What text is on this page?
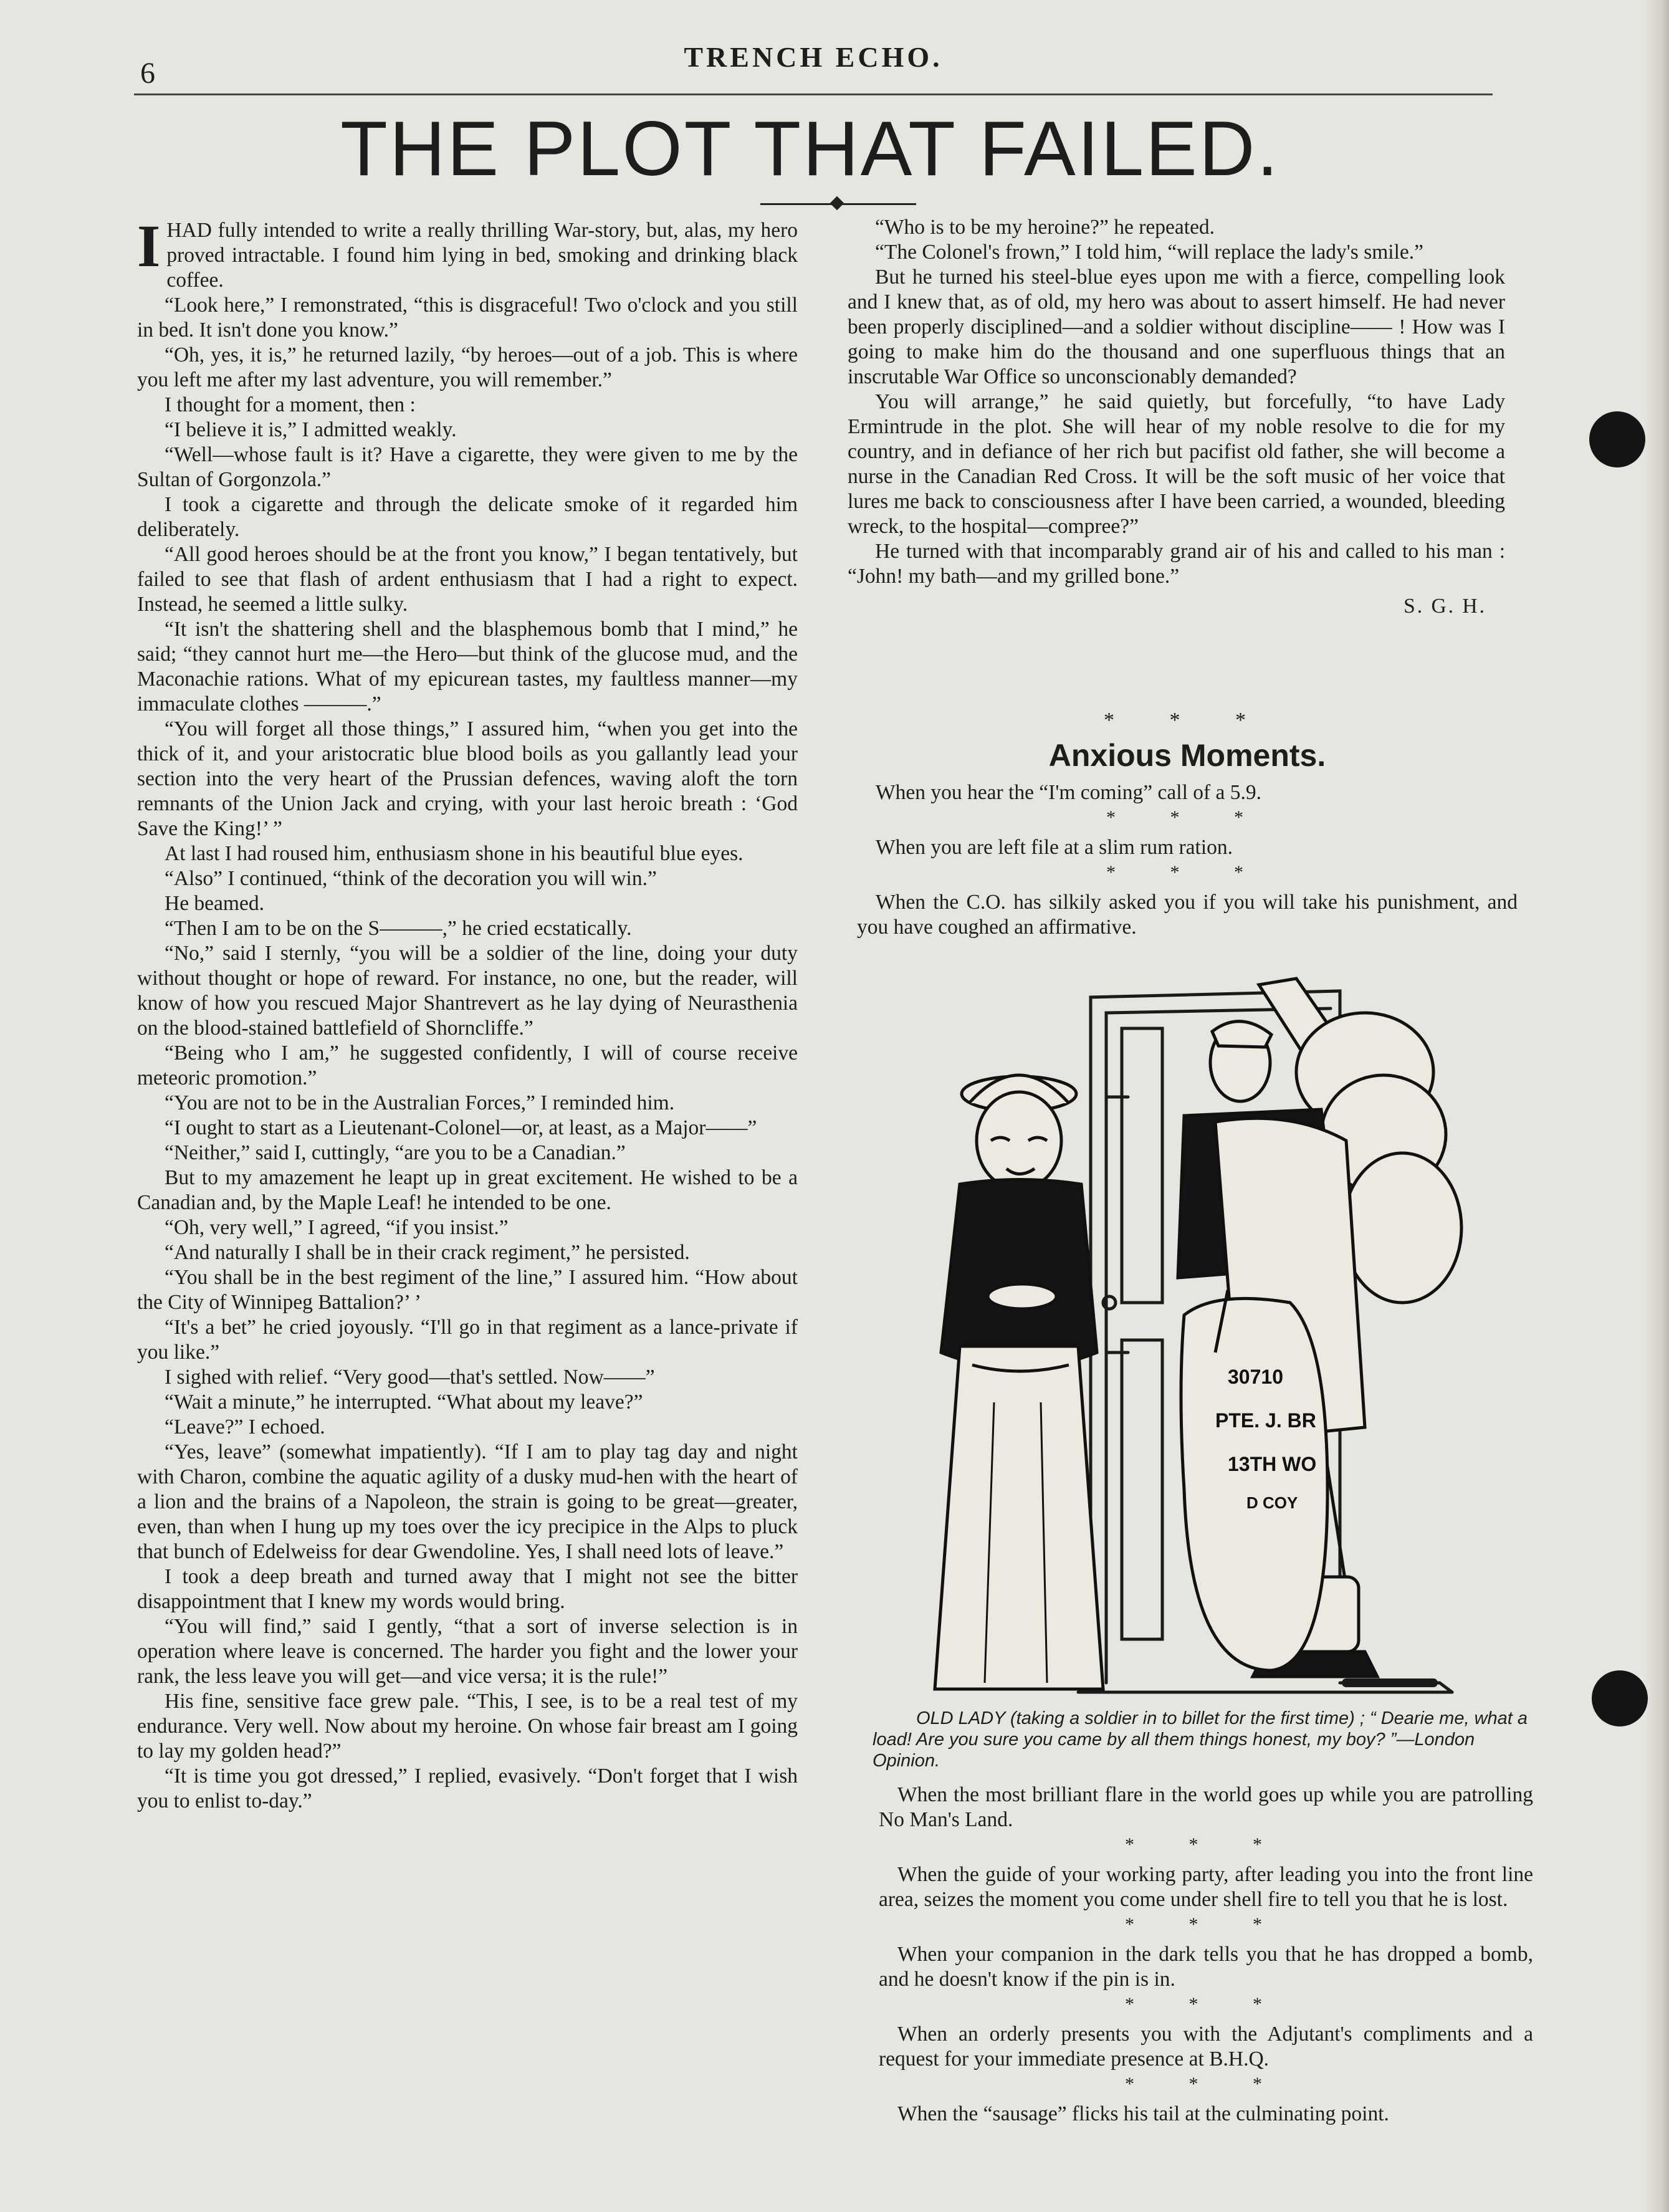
6	TRENCH ECHO.
THE PLOT THAT FAILED.

IHAD fully intended to write a really thrilling War-story, but, alas, my hero proved intractable. I found him lying in bed, smoking and drinking black coffee.

“Look here,” I remonstrated, “this is disgraceful! Two o'clock and you still in bed. It isn't done you know.”

“Oh, yes, it is,” he returned lazily, “by heroes—out of a job. This is where you left me after my last adventure, you will remember.”

I thought for a moment, then :

“I believe it is,” I admitted weakly.

“Well—whose fault is it? Have a cigarette, they were given to me by the Sultan of Gorgonzola.”

I took a cigarette and through the delicate smoke of it regarded him deliberately.

“All good heroes should be at the front you know,” I began tentatively, but failed to see that flash of ardent enthusiasm that I had a right to expect. Instead, he seemed a little sulky.

“It isn't the shattering shell and the blasphemous bomb that I mind,” he said; “they cannot hurt me—the Hero—but think of the glucose mud, and the Maconachie rations. What of my epicurean tastes, my faultless manner—my immaculate clothes ———.”

“You will forget all those things,” I assured him, “when you get into the thick of it, and your aristocratic blue blood boils as you gallantly lead your section into the very heart of the Prussian defences, waving aloft the torn remnants of the Union Jack and crying, with your last heroic breath : ‘God Save the King!’ ”

At last I had roused him, enthusiasm shone in his beautiful blue eyes.

“Also” I continued, “think of the decoration you will win.”

He beamed.

“Then I am to be on the S———,” he cried ecstatically.

“No,” said I sternly, “you will be a soldier of the line, doing your duty without thought or hope of reward. For instance, no one, but the reader, will know of how you rescued Major Shantrevert as he lay dying of Neurasthenia on the blood-stained battlefield of Shorncliffe.”

“Being who I am,” he suggested confidently, I will of course receive meteoric promotion.”

“You are not to be in the Australian Forces,” I reminded him.

“I ought to start as a Lieutenant-Colonel—or, at least, as a Major——”

“Neither,” said I, cuttingly, “are you to be a Canadian.”

But to my amazement he leapt up in great excitement. He wished to be a Canadian and, by the Maple Leaf! he intended to be one.

“Oh, very well,” I agreed, “if you insist.”

“And naturally I shall be in their crack regiment,” he persisted.

“You shall be in the best regiment of the line,” I assured him. “How about the City of Winnipeg Battalion?’ ’

“It's a bet” he cried joyously. “I'll go in that regiment as a lance-private if you like.”

I sighed with relief. “Very good—that's settled. Now——”

“Wait a minute,” he interrupted. “What about my leave?”

“Leave?” I echoed.

“Yes, leave” (somewhat impatiently). “If I am to play tag day and night with Charon, combine the aquatic agility of a dusky mud-hen with the heart of a lion and the brains of a Napoleon, the strain is going to be great—greater, even, than when I hung up my toes over the icy precipice in the Alps to pluck that bunch of Edelweiss for dear Gwendoline. Yes, I shall need lots of leave.”

I took a deep breath and turned away that I might not see the bitter disappointment that I knew my words would bring.

“You will find,” said I gently, “that a sort of inverse selection is in operation where leave is concerned. The harder you fight and the lower your rank, the less leave you will get—and vice versa; it is the rule!”

His fine, sensitive face grew pale. “This, I see, is to be a real test of my endurance. Very well. Now about my heroine. On whose fair breast am I going to lay my golden head?”

“It is time you got dressed,” I replied, evasively. “Don't forget that I wish you to enlist to-day.”

“Who is to be my heroine?” he repeated.

“The Colonel's frown,” I told him, “will replace the lady's smile.”

But he turned his steel-blue eyes upon me with a fierce, compelling look and I knew that, as of old, my hero was about to assert himself. He had never been properly disciplined—and a soldier without discipline—— ! How was I going to make him do the thousand and one superfluous things that an inscrutable War Office so unconscionably demanded?

You will arrange,” he said quietly, but forcefully, “to have Lady Ermintrude in the plot. She will hear of my noble resolve to die for my country, and in defiance of her rich but pacifist old father, she will become a nurse in the Canadian Red Cross. It will be the soft music of her voice that lures me back to consciousness after I have been carried, a wounded, bleeding wreck, to the hospital—compree?”

He turned with that incomparably grand air of his and called to his man : “John! my bath—and my grilled bone.”

S. G. H.
* * *
Anxious Moments.

When you hear the “I'm coming” call of a 5.9.

* * *

When you are left file at a slim rum ration.

* * *

When the C.O. has silkily asked you if you will take his punishment, and you have coughed an affirmative.

30710
PTE. J. BR
13TH WO
D COY
OLD LADY (taking a soldier in to billet for the first time) ; “ Dearie me, what a load! Are you sure you came by all them things honest, my boy? ”—London Opinion.

When the most brilliant flare in the world goes up while you are patrolling No Man's Land.

* * *

When the guide of your working party, after leading you into the front line area, seizes the moment you come under shell fire to tell you that he is lost.

* * *

When your companion in the dark tells you that he has dropped a bomb, and he doesn't know if the pin is in.

* * *

When an orderly presents you with the Adjutant's compliments and a request for your immediate presence at B.H.Q.

* * *

When the “sausage” flicks his tail at the culminating point.
